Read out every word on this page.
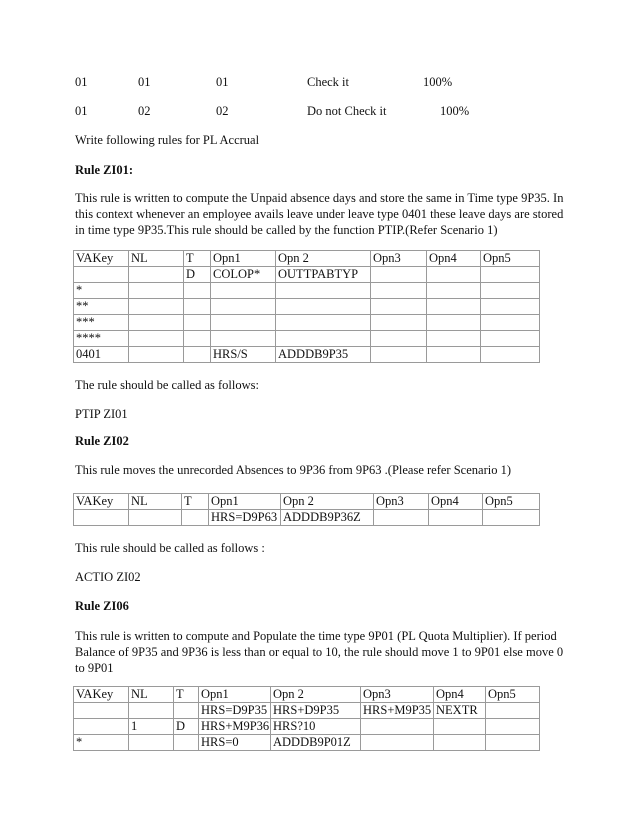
01	01	01	Check it	100%
01	02	02	Do not Check it	100%
Write following rules for PL Accrual
Rule ZI01:
This rule is written to compute the Unpaid absence days and store the same in Time type 9P35. In this context whenever an employee avails leave under leave type 0401 these leave days are stored in time type 9P35.This rule should be called by the function PTIP.(Refer Scenario 1)
VAKey	NL	T	Opn1	Opn 2	Opn3	Opn4	Opn5
		D	COLOP*	OUTTPABTYP			
*							
**							
***							
****							
0401			HRS/S	ADDDB9P35			
The rule should be called as follows:
PTIP ZI01
Rule ZI02
This rule moves the unrecorded Absences to 9P36 from 9P63 .(Please refer Scenario 1)
VAKey	NL	T	Opn1	Opn 2	Opn3	Opn4	Opn5
			HRS=D9P63	ADDDB9P36Z			
This rule should be called as follows :
ACTIO ZI02
Rule ZI06
This rule is written to compute and Populate the time type 9P01 (PL Quota Multiplier). If period Balance of 9P35 and 9P36 is less than or equal to 10, the rule should move 1 to 9P01 else move 0 to 9P01
VAKey	NL	T	Opn1	Opn 2	Opn3	Opn4	Opn5
			HRS=D9P35	HRS+D9P35	HRS+M9P35	NEXTR	
	1	D	HRS+M9P36	HRS?10			
*			HRS=0	ADDDB9P01Z			
